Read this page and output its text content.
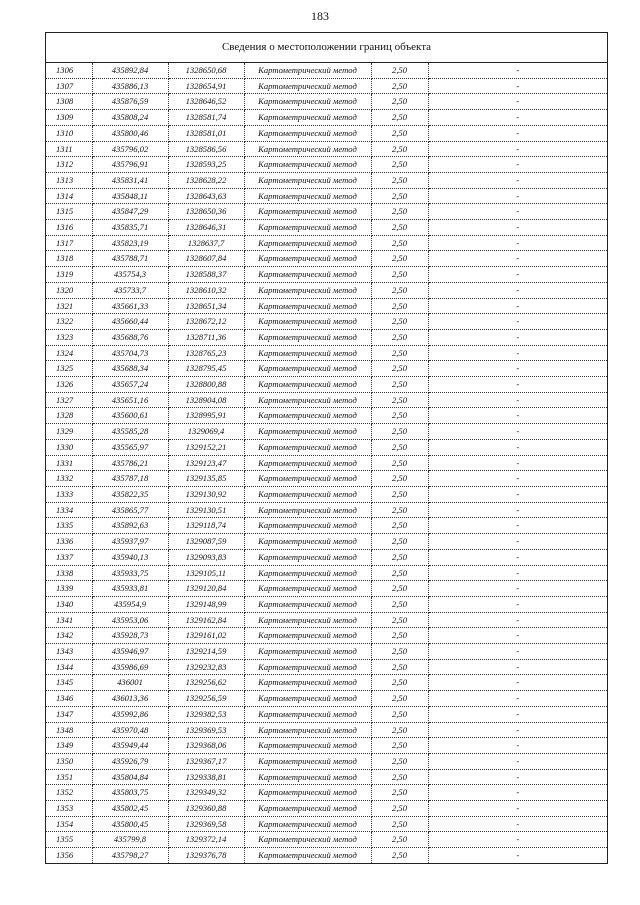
183
Сведения о местоположении границ объекта
1306	435892,84	1328650,68	Картометрический метод	2,50	-
1307	435886,13	1328654,91	Картометрический метод	2,50	-
1308	435876,59	1328646,52	Картометрический метод	2,50	-
1309	435808,24	1328581,74	Картометрический метод	2,50	-
1310	435800,46	1328581,01	Картометрический метод	2,50	-
1311	435796,02	1328586,56	Картометрический метод	2,50	-
1312	435796,91	1328593,25	Картометрический метод	2,50	-
1313	435831,41	1328628,22	Картометрический метод	2,50	-
1314	435848,11	1328643,63	Картометрический метод	2,50	-
1315	435847,29	1328650,36	Картометрический метод	2,50	-
1316	435835,71	1328646,31	Картометрический метод	2,50	-
1317	435823,19	1328637,7	Картометрический метод	2,50	-
1318	435788,71	1328607,84	Картометрический метод	2,50	-
1319	435754,3	1328588,37	Картометрический метод	2,50	-
1320	435733,7	1328610,32	Картометрический метод	2,50	-
1321	435661,33	1328651,34	Картометрический метод	2,50	-
1322	435660,44	1328672,12	Картометрический метод	2,50	-
1323	435688,76	1328711,36	Картометрический метод	2,50	-
1324	435704,73	1328765,23	Картометрический метод	2,50	-
1325	435688,34	1328795,45	Картометрический метод	2,50	-
1326	435657,24	1328800,88	Картометрический метод	2,50	-
1327	435651,16	1328904,08	Картометрический метод	2,50	-
1328	435600,61	1328995,91	Картометрический метод	2,50	-
1329	435585,28	1329069,4	Картометрический метод	2,50	-
1330	435565,97	1329152,21	Картометрический метод	2,50	-
1331	435786,21	1329123,47	Картометрический метод	2,50	-
1332	435787,18	1329135,85	Картометрический метод	2,50	-
1333	435822,35	1329130,92	Картометрический метод	2,50	-
1334	435865,77	1329130,51	Картометрический метод	2,50	-
1335	435892,63	1329118,74	Картометрический метод	2,50	-
1336	435937,97	1329087,59	Картометрический метод	2,50	-
1337	435940,13	1329093,83	Картометрический метод	2,50	-
1338	435933,75	1329105,11	Картометрический метод	2,50	-
1339	435933,81	1329120,84	Картометрический метод	2,50	-
1340	435954,9	1329148,99	Картометрический метод	2,50	-
1341	435953,06	1329162,84	Картометрический метод	2,50	-
1342	435928,73	1329161,02	Картометрический метод	2,50	-
1343	435946,97	1329214,59	Картометрический метод	2,50	-
1344	435986,69	1329232,83	Картометрический метод	2,50	-
1345	436001	1329256,62	Картометрический метод	2,50	-
1346	436013,36	1329256,59	Картометрический метод	2,50	-
1347	435992,86	1329382,53	Картометрический метод	2,50	-
1348	435970,48	1329369,53	Картометрический метод	2,50	-
1349	435949,44	1329368,06	Картометрический метод	2,50	-
1350	435926,79	1329367,17	Картометрический метод	2,50	-
1351	435804,84	1329338,81	Картометрический метод	2,50	-
1352	435803,75	1329349,32	Картометрический метод	2,50	-
1353	435802,45	1329360,88	Картометрический метод	2,50	-
1354	435800,45	1329369,58	Картометрический метод	2,50	-
1355	435799,8	1329372,14	Картометрический метод	2,50	-
1356	435798,27	1329376,78	Картометрический метод	2,50	-
